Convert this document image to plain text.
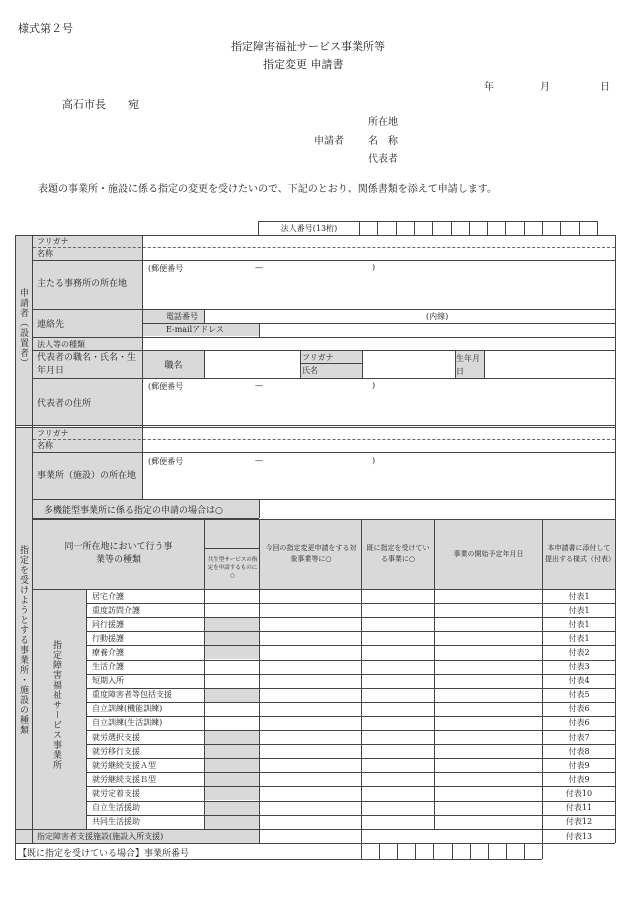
様式第２号
指定障害福祉サービス事業所等
指定変更 申請書
年	月	日
高石市長　　宛
所在地
申請者 名　称
代表者
表題の事業所・施設に係る指定の変更を受けたいので、下記のとおり、関係書類を添えて申請します。
法人番号(13桁)
申請者（設置者）
フリガナ
名称
主たる事務所の所在地
(郵便番号	—	)
連絡先
電話番号	(内線)
E-mailアドレス
法人等の種類
代表者の職名・氏名・生年月日	職名
フリガナ
氏名
生年月日
代表者の住所
(郵便番号	—	)
指定を受けようとする事業所・施設の種類
フリガナ
名称
事業所（施設）の所在地
(郵便番号	—	)
多機能型事業所に係る指定の申請の場合は○
同一所在地において行う事業等の種類	共生型サービスの指定を申請するものに○
今回の指定変更申請をする対象事業等に○
既に指定を受けている事業に○
事業の開始予定年月日
本申請書に添付して提出する様式（付表）
指定障害福祉サービス事業所
居宅介護	付表1
重度訪問介護	付表1
同行援護	付表1
行動援護	付表1
療養介護	付表2
生活介護	付表3
短期入所	付表4
重度障害者等包括支援	付表5
自立訓練(機能訓練)	付表6
自立訓練(生活訓練)	付表6
就労選択支援	付表7
就労移行支援	付表8
就労継続支援Ａ型	付表9
就労継続支援Ｂ型	付表9
就労定着支援	付表10
自立生活援助	付表11
共同生活援助	付表12
指定障害者支援施設(施設入所支援)	付表13
【既に指定を受けている場合】事業所番号
